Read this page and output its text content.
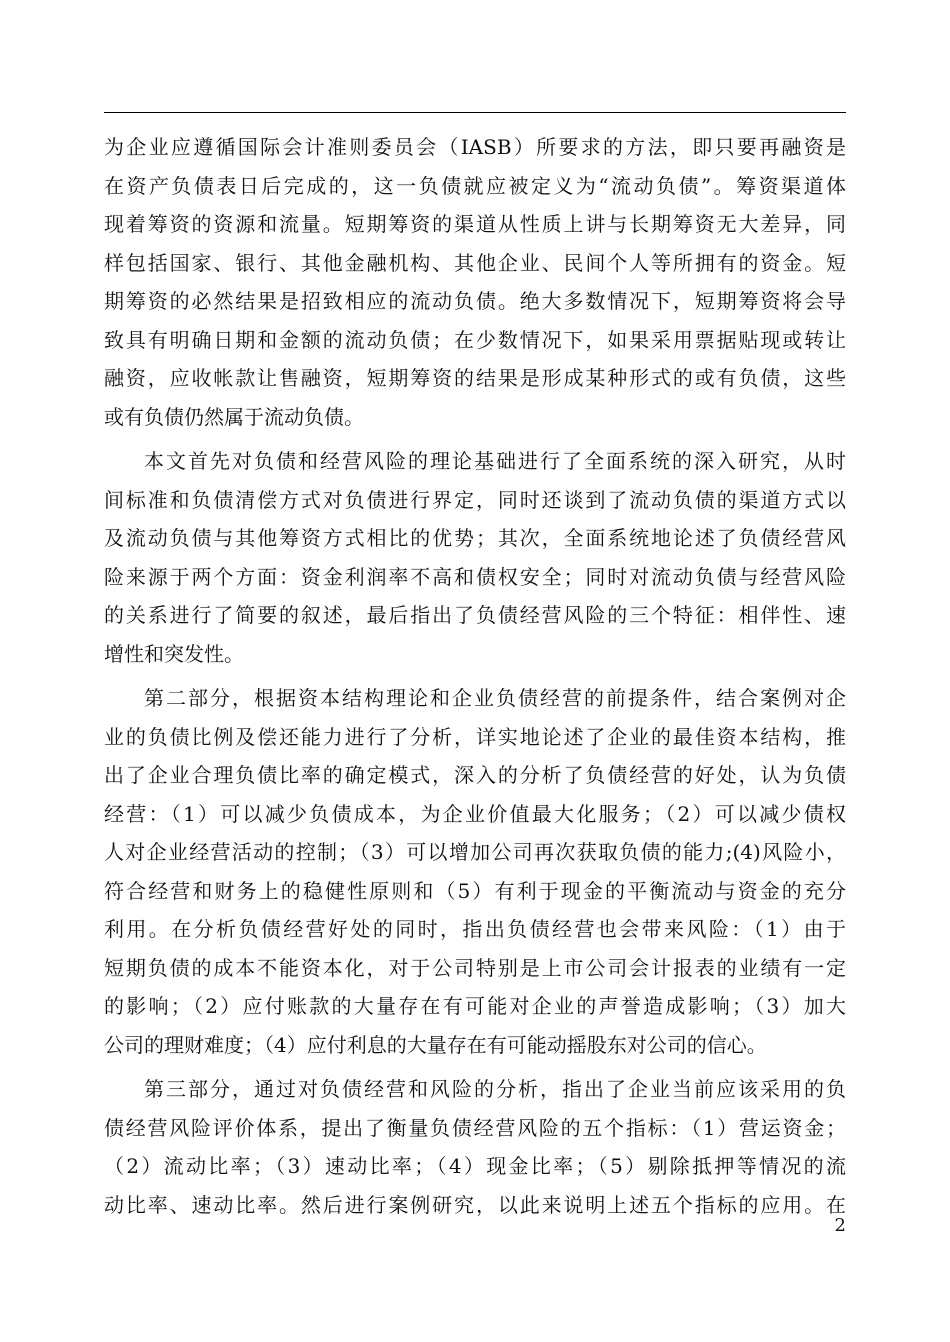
为企业应遵循国际会计准则委员会（IASB）所要求的方法，即只要再融资是
在资产负债表日后完成的，这一负债就应被定义为“流动负债”。筹资渠道体
现着筹资的资源和流量。短期筹资的渠道从性质上讲与长期筹资无大差异，同
样包括国家、银行、其他金融机构、其他企业、民间个人等所拥有的资金。短
期筹资的必然结果是招致相应的流动负债。绝大多数情况下，短期筹资将会导
致具有明确日期和金额的流动负债；在少数情况下，如果采用票据贴现或转让
融资，应收帐款让售融资，短期筹资的结果是形成某种形式的或有负债，这些
或有负债仍然属于流动负债。
本文首先对负债和经营风险的理论基础进行了全面系统的深入研究，从时
间标准和负债清偿方式对负债进行界定，同时还谈到了流动负债的渠道方式以
及流动负债与其他筹资方式相比的优势；其次，全面系统地论述了负债经营风
险来源于两个方面：资金利润率不高和债权安全；同时对流动负债与经营风险
的关系进行了简要的叙述，最后指出了负债经营风险的三个特征：相伴性、速
增性和突发性。
第二部分，根据资本结构理论和企业负债经营的前提条件，结合案例对企
业的负债比例及偿还能力进行了分析，详实地论述了企业的最佳资本结构，推
出了企业合理负债比率的确定模式，深入的分析了负债经营的好处，认为负债
经营：（1）可以减少负债成本，为企业价值最大化服务；（2）可以减少债权
人对企业经营活动的控制；（3）可以增加公司再次获取负债的能力;(4)风险小，
符合经营和财务上的稳健性原则和（5）有利于现金的平衡流动与资金的充分
利用。在分析负债经营好处的同时，指出负债经营也会带来风险：（1）由于
短期负债的成本不能资本化，对于公司特别是上市公司会计报表的业绩有一定
的影响；（2）应付账款的大量存在有可能对企业的声誉造成影响；（3）加大
公司的理财难度；（4）应付利息的大量存在有可能动摇股东对公司的信心。
第三部分，通过对负债经营和风险的分析，指出了企业当前应该采用的负
债经营风险评价体系，提出了衡量负债经营风险的五个指标：（1）营运资金；
（2）流动比率；（3）速动比率；（4）现金比率；（5）剔除抵押等情况的流
动比率、速动比率。然后进行案例研究，以此来说明上述五个指标的应用。在
2
